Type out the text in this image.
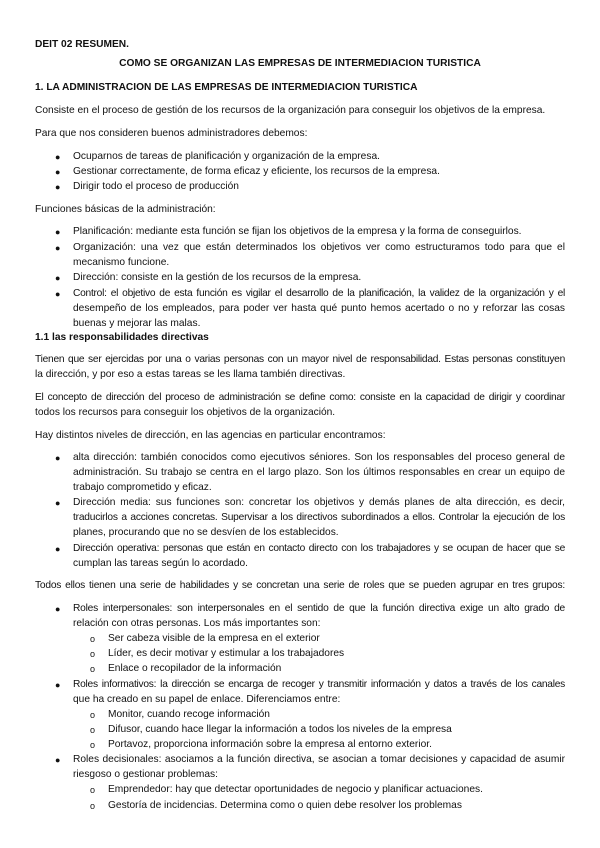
DEIT 02 RESUMEN.
COMO SE ORGANIZAN LAS EMPRESAS DE INTERMEDIACION TURISTICA
1. LA ADMINISTRACION DE LAS EMPRESAS DE INTERMEDIACION TURISTICA
Consiste en el proceso de gestión de los recursos de la organización para conseguir los objetivos de la empresa.
Para que nos consideren buenos administradores debemos:
● Ocuparnos de tareas de planificación y organización de la empresa.
● Gestionar correctamente, de forma eficaz y eficiente, los recursos de la empresa.
● Dirigir todo el proceso de producción
Funciones básicas de la administración:
● Planificación: mediante esta función se fijan los objetivos de la empresa y la forma de conseguirlos.
● Organización: una vez que están determinados los objetivos ver como estructuramos todo para que el
mecanismo funcione.
● Dirección: consiste en la gestión de los recursos de la empresa.
● Control: el objetivo de esta función es vigilar el desarrollo de la planificación, la validez de la organización y el
desempeño de los empleados, para poder ver hasta qué punto hemos acertado o no y reforzar las cosas
buenas y mejorar las malas.
1.1 las responsabilidades directivas
Tienen que ser ejercidas por una o varias personas con un mayor nivel de responsabilidad. Estas personas constituyen
la dirección, y por eso a estas tareas se les llama también directivas.
El concepto de dirección del proceso de administración se define como: consiste en la capacidad de dirigir y coordinar
todos los recursos para conseguir los objetivos de la organización.
Hay distintos niveles de dirección, en las agencias en particular encontramos:
● alta dirección: también conocidos como ejecutivos séniores. Son los responsables del proceso general de
administración. Su trabajo se centra en el largo plazo. Son los últimos responsables en crear un equipo de
trabajo comprometido y eficaz.
● Dirección media: sus funciones son: concretar los objetivos y demás planes de alta dirección, es decir,
traducirlos a acciones concretas. Supervisar a los directivos subordinados a ellos. Controlar la ejecución de los
planes, procurando que no se desvíen de los establecidos.
● Dirección operativa: personas que están en contacto directo con los trabajadores y se ocupan de hacer que se
cumplan las tareas según lo acordado.
Todos ellos tienen una serie de habilidades y se concretan una serie de roles que se pueden agrupar en tres grupos:
● Roles interpersonales: son interpersonales en el sentido de que la función directiva exige un alto grado de
relación con otras personas. Los más importantes son:
o Ser cabeza visible de la empresa en el exterior
o Líder, es decir motivar y estimular a los trabajadores
o Enlace o recopilador de la información
● Roles informativos: la dirección se encarga de recoger y transmitir información y datos a través de los canales
que ha creado en su papel de enlace. Diferenciamos entre:
o Monitor, cuando recoge información
o Difusor, cuando hace llegar la información a todos los niveles de la empresa
o Portavoz, proporciona información sobre la empresa al entorno exterior.
● Roles decisionales: asociamos a la función directiva, se asocian a tomar decisiones y capacidad de asumir
riesgoso o gestionar problemas:
o Emprendedor: hay que detectar oportunidades de negocio y planificar actuaciones.
o Gestoría de incidencias. Determina como o quien debe resolver los problemas
